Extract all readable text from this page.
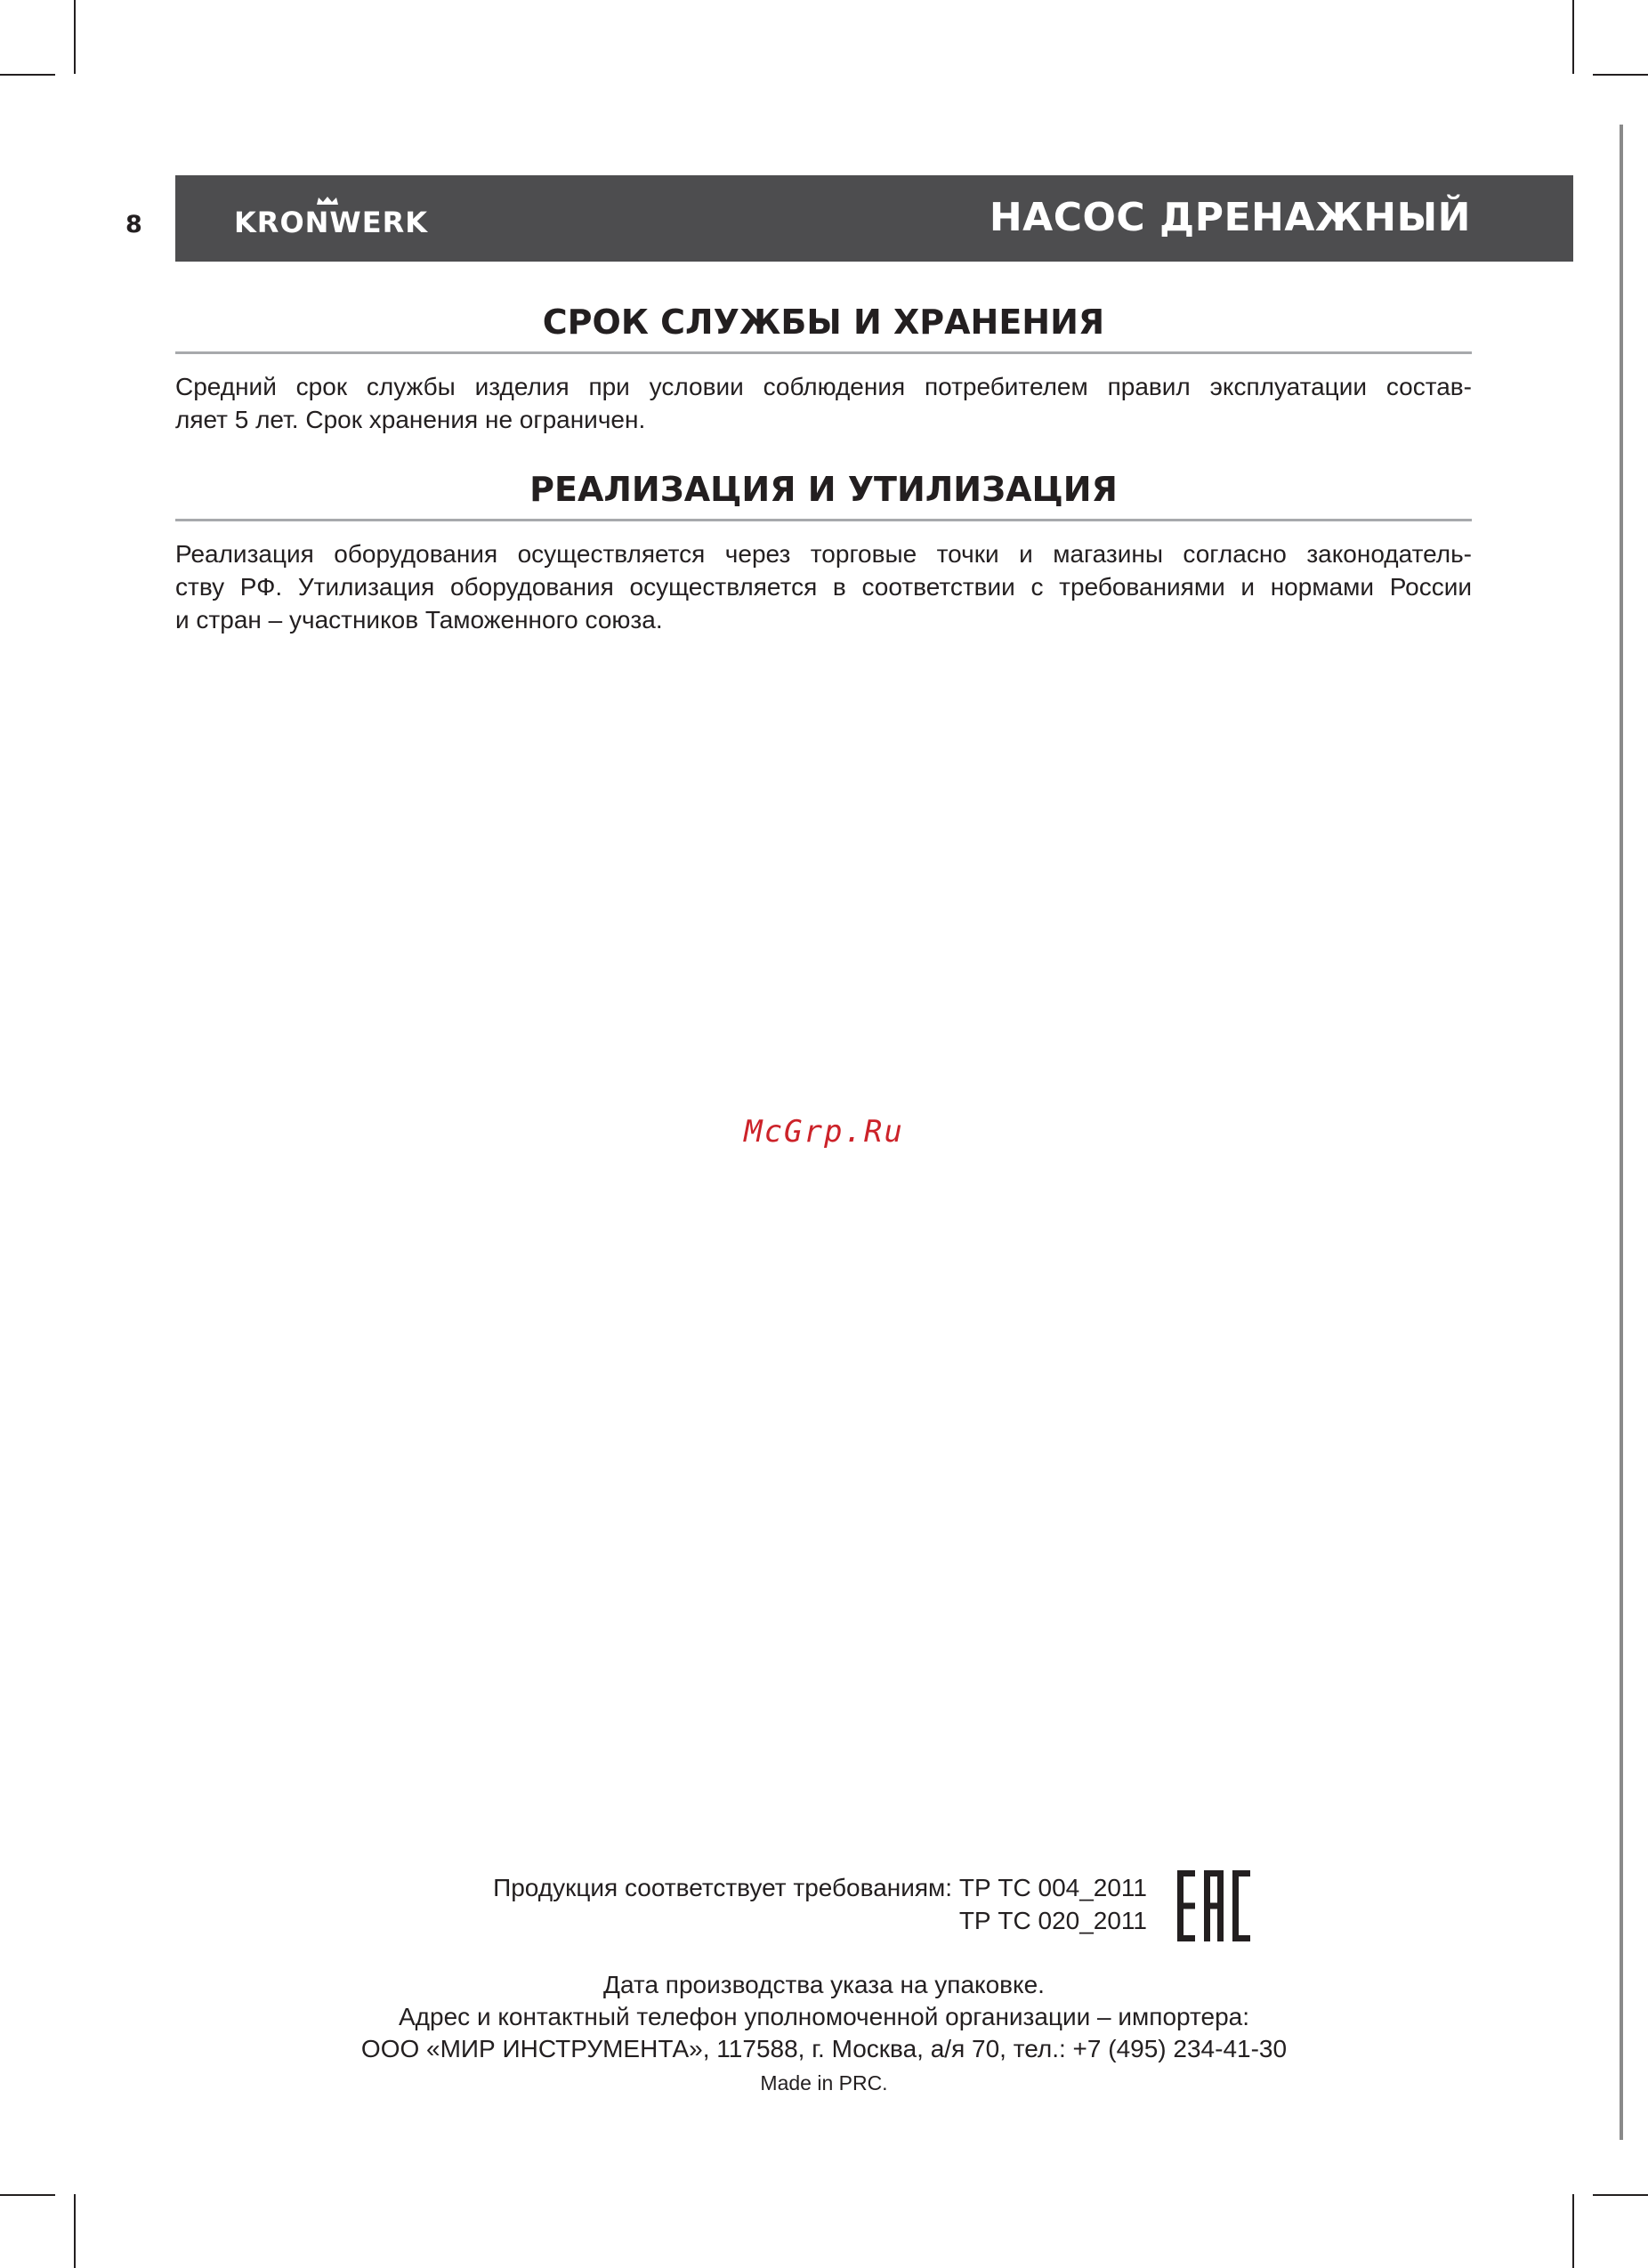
8	KRONWERK	НАСОС ДРЕНАЖНЫЙ
СРОК СЛУЖБЫ И ХРАНЕНИЯ
Средний срок службы изделия при условии соблюдения потребителем правил эксплуатации состав-
ляет 5 лет. Срок хранения не ограничен.
РЕАЛИЗАЦИЯ И УТИЛИЗАЦИЯ
Реализация оборудования осуществляется через торговые точки и магазины согласно законодатель-
ству РФ. Утилизация оборудования осуществляется в соответствии с требованиями и нормами России
и стран – участников Таможенного союза.
McGrp.Ru
Продукция соответствует требованиям: ТР ТС 004_2011
ТР ТС 020_2011
Дата производства указа на упаковке.
Адрес и контактный телефон уполномоченной организации – импортера:
ООО «МИР ИНСТРУМЕНТА», 117588, г. Москва, а/я 70, тел.: +7 (495) 234-41-30
Made in PRC.
